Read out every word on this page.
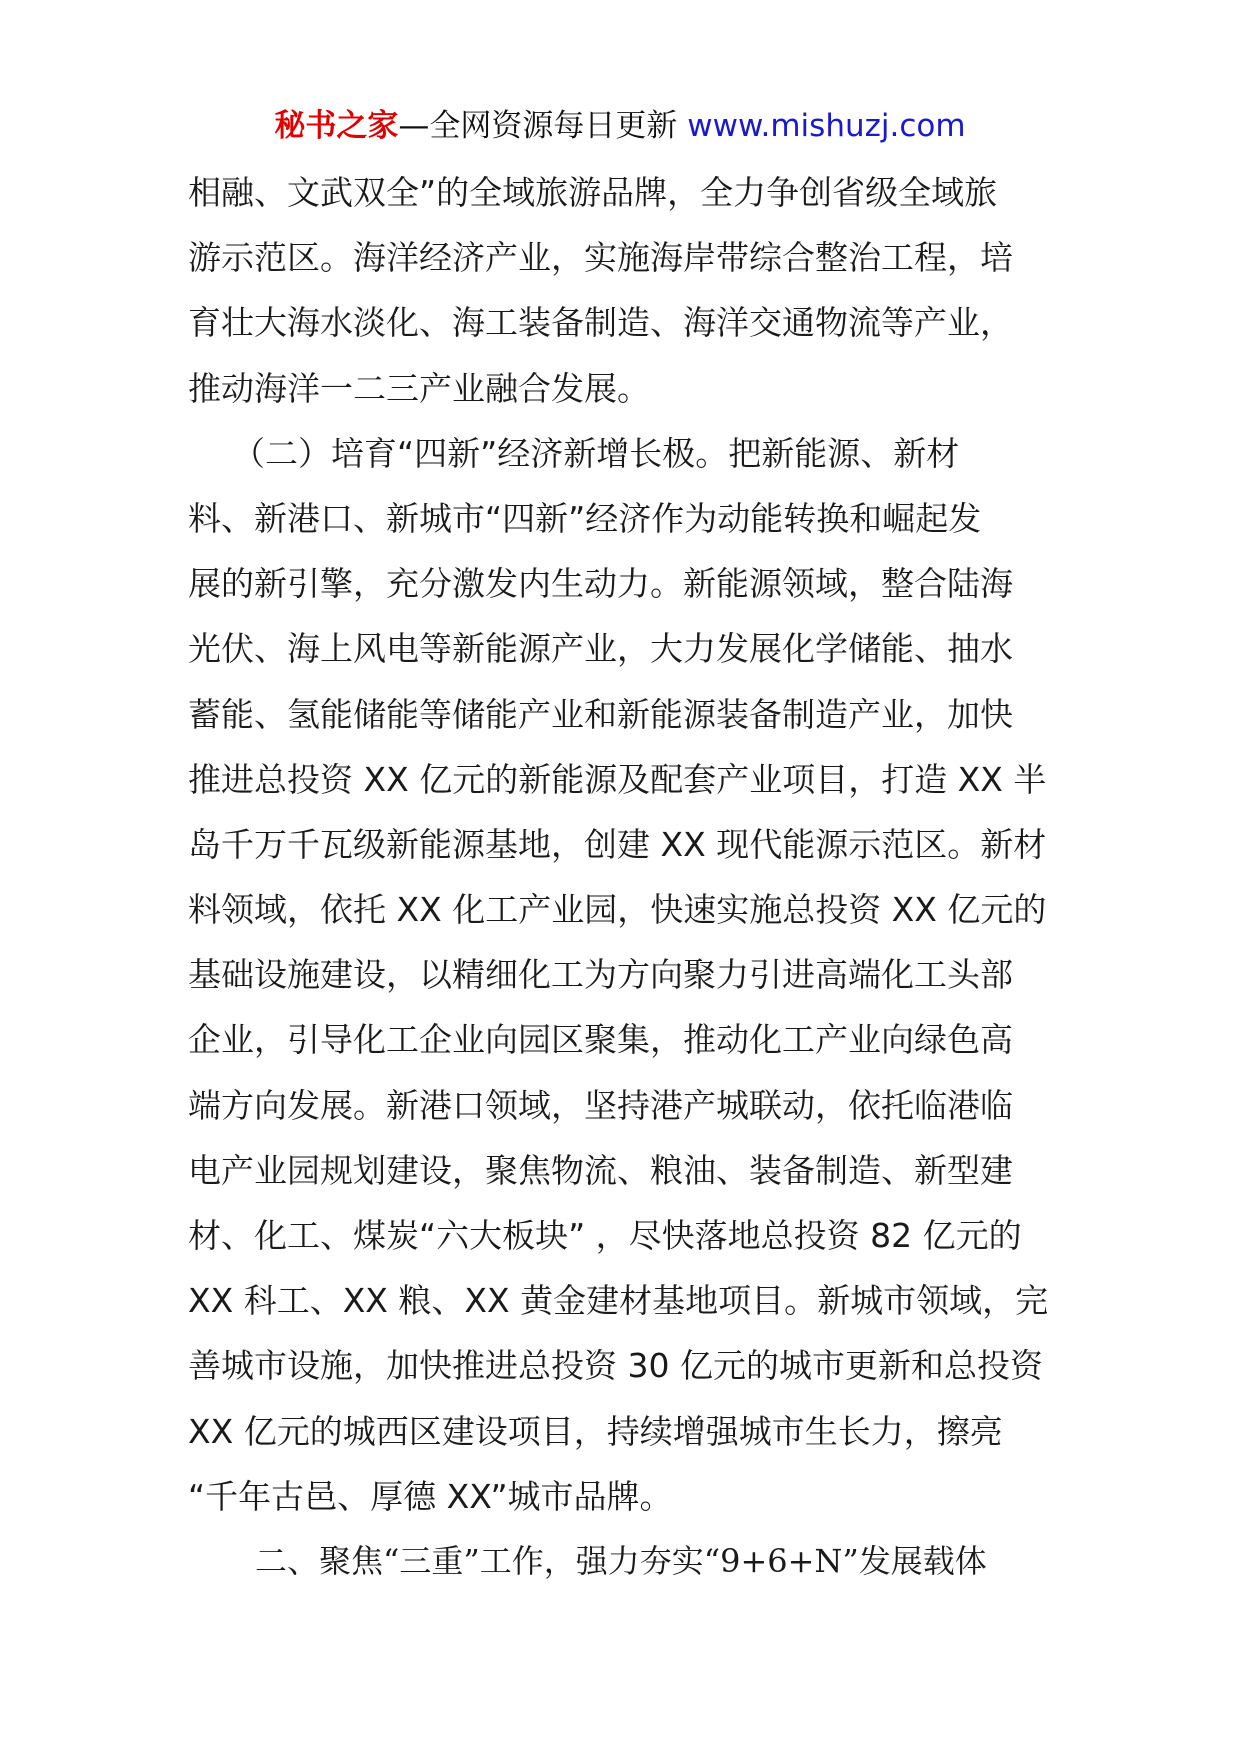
秘书之家—全网资源每日更新 www.mishuzj.com
相融、文武双全”的全域旅游品牌，全力争创省级全域旅
游示范区。海洋经济产业，实施海岸带综合整治工程，培
育壮大海水淡化、海工装备制造、海洋交通物流等产业，
推动海洋一二三产业融合发展。
（二）培育“四新”经济新增长极。把新能源、新材
料、新港口、新城市“四新”经济作为动能转换和崛起发
展的新引擎，充分激发内生动力。新能源领域，整合陆海
光伏、海上风电等新能源产业，大力发展化学储能、抽水
蓄能、氢能储能等储能产业和新能源装备制造产业，加快
推进总投资 XX 亿元的新能源及配套产业项目，打造 XX 半
岛千万千瓦级新能源基地，创建 XX 现代能源示范区。新材
料领域，依托 XX 化工产业园，快速实施总投资 XX 亿元的
基础设施建设，以精细化工为方向聚力引进高端化工头部
企业，引导化工企业向园区聚集，推动化工产业向绿色高
端方向发展。新港口领域，坚持港产城联动，依托临港临
电产业园规划建设，聚焦物流、粮油、装备制造、新型建
材、化工、煤炭“六大板块” ，尽快落地总投资 82 亿元的
XX 科工、XX 粮、XX 黄金建材基地项目。新城市领域，完
善城市设施，加快推进总投资 30 亿元的城市更新和总投资
XX 亿元的城西区建设项目，持续增强城市生长力，擦亮
“千年古邑、厚德 XX”城市品牌。
二、聚焦“三重”工作，强力夯实“9+6+N”发展载体
